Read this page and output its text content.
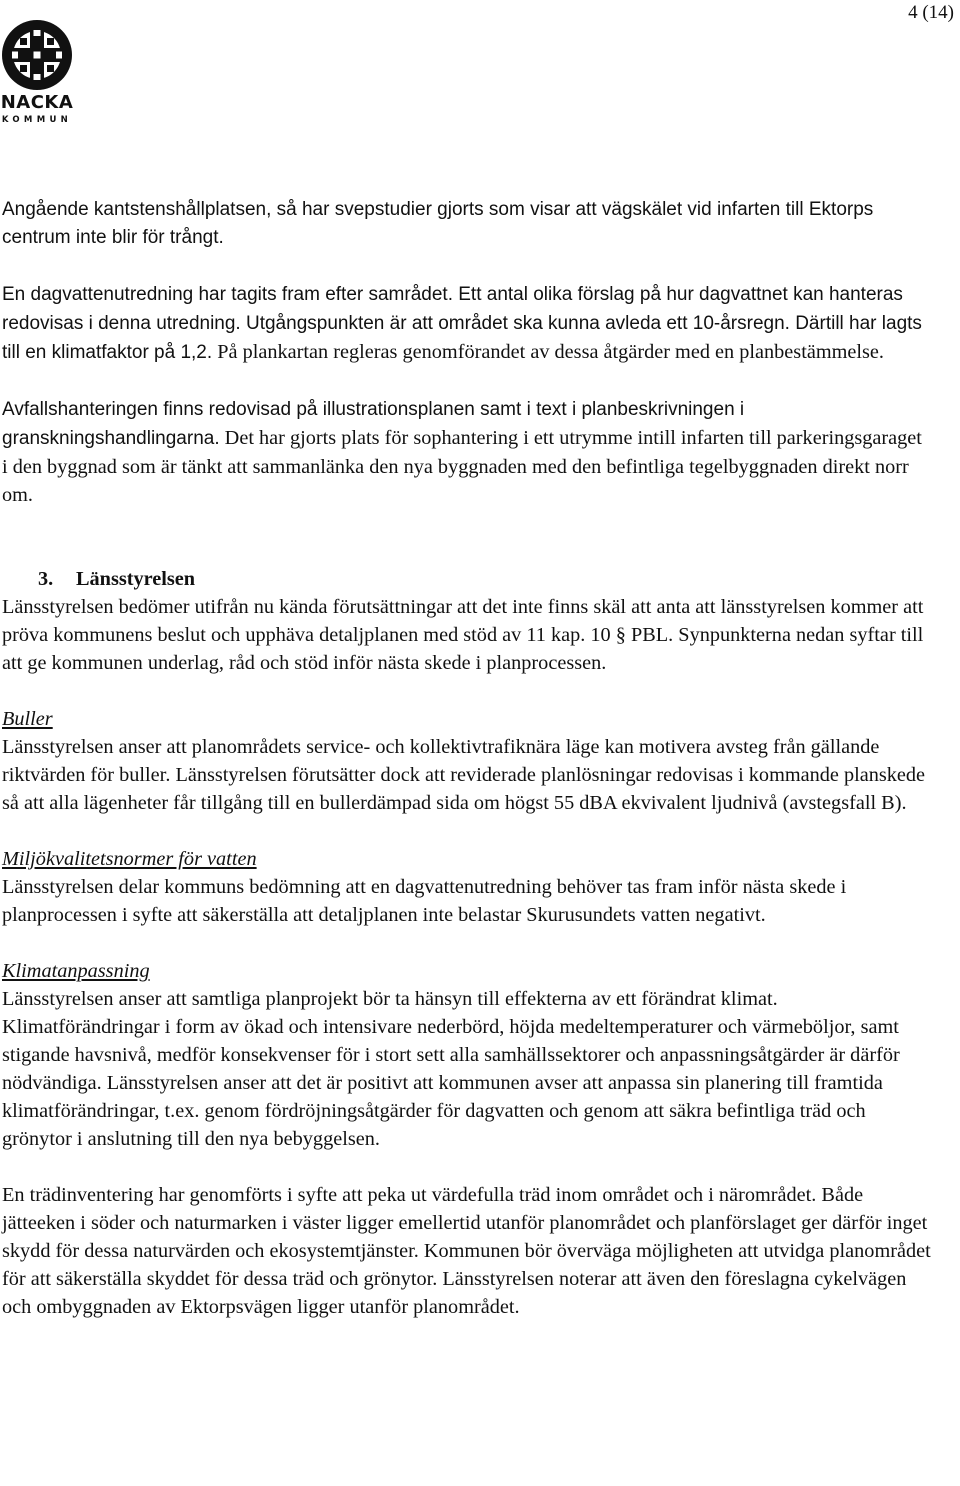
4 (14)
NACKA
KOMMUN

Angående kantstenshållplatsen, så har svepstudier gjorts som visar att vägskälet vid infarten till Ektorps centrum inte blir för trångt.

En dagvattenutredning har tagits fram efter samrådet. Ett antal olika förslag på hur dagvattnet kan hanteras redovisas i denna utredning. Utgångspunkten är att området ska kunna avleda ett 10-årsregn. Därtill har lagts till en klimatfaktor på 1,2. På plankartan regleras genomförandet av dessa åtgärder med en planbestämmelse.

Avfallshanteringen finns redovisad på illustrationsplanen samt i text i planbeskrivningen i granskningshandlingarna. Det har gjorts plats för sophantering i ett utrymme intill infarten till parkeringsgaraget i den byggnad som är tänkt att sammanlänka den nya byggnaden med den befintliga tegelbyggnaden direkt norr om.

3. Länsstyrelsen

Länsstyrelsen bedömer utifrån nu kända förutsättningar att det inte finns skäl att anta att länsstyrelsen kommer att pröva kommunens beslut och upphäva detaljplanen med stöd av 11 kap. 10 § PBL. Synpunkterna nedan syftar till att ge kommunen underlag, råd och stöd inför nästa skede i planprocessen.

Buller

Länsstyrelsen anser att planområdets service- och kollektivtrafiknära läge kan motivera avsteg från gällande riktvärden för buller. Länsstyrelsen förutsätter dock att reviderade planlösningar redovisas i kommande planskede så att alla lägenheter får tillgång till en bullerdämpad sida om högst 55 dBA ekvivalent ljudnivå (avstegsfall B).

Miljökvalitetsnormer för vatten

Länsstyrelsen delar kommuns bedömning att en dagvattenutredning behöver tas fram inför nästa skede i planprocessen i syfte att säkerställa att detaljplanen inte belastar Skurusundets vatten negativt.

Klimatanpassning

Länsstyrelsen anser att samtliga planprojekt bör ta hänsyn till effekterna av ett förändrat klimat. Klimatförändringar i form av ökad och intensivare nederbörd, höjda medeltemperaturer och värmeböljor, samt stigande havsnivå, medför konsekvenser för i stort sett alla samhällssektorer och anpassningsåtgärder är därför nödvändiga. Länsstyrelsen anser att det är positivt att kommunen avser att anpassa sin planering till framtida klimatförändringar, t.ex. genom fördröjningsåtgärder för dagvatten och genom att säkra befintliga träd och grönytor i anslutning till den nya bebyggelsen.

En trädinventering har genomförts i syfte att peka ut värdefulla träd inom området och i närområdet. Både jätteeken i söder och naturmarken i väster ligger emellertid utanför planområdet och planförslaget ger därför inget skydd för dessa naturvärden och ekosystemtjänster. Kommunen bör överväga möjligheten att utvidga planområdet för att säkerställa skyddet för dessa träd och grönytor. Länsstyrelsen noterar att även den föreslagna cykelvägen och ombyggnaden av Ektorpsvägen ligger utanför planområdet.
